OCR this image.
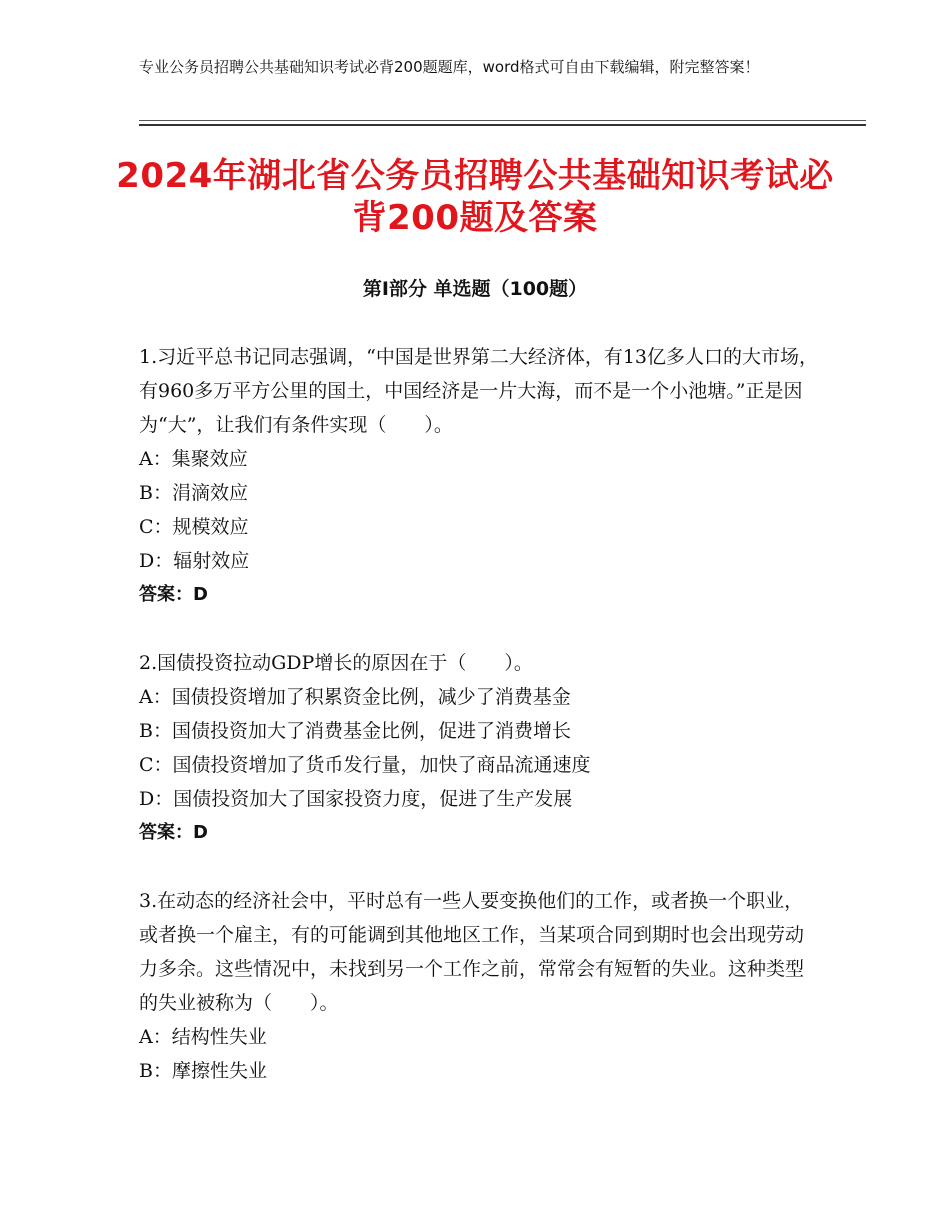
专业公务员招聘公共基础知识考试必背200题题库，word格式可自由下载编辑，附完整答案！
2024年湖北省公务员招聘公共基础知识考试必背200题及答案
第Ⅰ部分 单选题（100题）

1.习近平总书记同志强调，“中国是世界第二大经济体，有13亿多人口的大市场，有960多万平方公里的国土，中国经济是一片大海，而不是一个小池塘。”正是因为“大”，让我们有条件实现（　　）。

A：集聚效应

B：涓滴效应

C：规模效应

D：辐射效应

答案：D

2.国债投资拉动GDP增长的原因在于（　　）。

A：国债投资增加了积累资金比例，减少了消费基金

B：国债投资加大了消费基金比例，促进了消费增长

C：国债投资增加了货币发行量，加快了商品流通速度

D：国债投资加大了国家投资力度，促进了生产发展

答案：D

3.在动态的经济社会中，平时总有一些人要变换他们的工作，或者换一个职业，或者换一个雇主，有的可能调到其他地区工作，当某项合同到期时也会出现劳动力多余。这些情况中，未找到另一个工作之前，常常会有短暂的失业。这种类型的失业被称为（　　）。

A：结构性失业

B：摩擦性失业
